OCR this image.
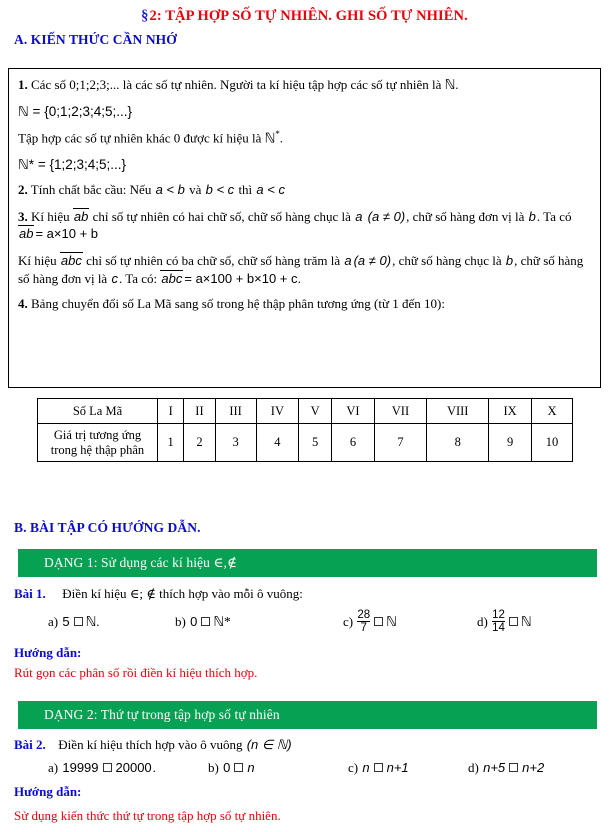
§2: TẬP HỢP SỐ TỰ NHIÊN. GHI SỐ TỰ NHIÊN.
A. KIẾN THỨC CẦN NHỚ

1. Các số 0;1;2;3;... là các số tự nhiên. Người ta kí hiệu tập hợp các số tự nhiên là ℕ.

ℕ = {0;1;2;3;4;5;...}

Tập hợp các số tự nhiên khác 0 được kí hiệu là ℕ*.

ℕ* = {1;2;3;4;5;...}

2. Tính chất bắc cầu: Nếu a < b và b < c thì a < c

3. Kí hiệu ab chỉ số tự nhiên có hai chữ số, chữ số hàng chục là a (a ≠ 0), chữ số hàng đơn vị là b. Ta có ab = a×10 + b

Kí hiệu abc chỉ số tự nhiên có ba chữ số, chữ số hàng trăm là a (a ≠ 0), chữ số hàng chục là b, chữ số hàng số hàng đơn vị là c. Ta có: abc = a×100 + b×10 + c.

4. Bảng chuyển đổi số La Mã sang số trong hệ thập phân tương ứng (từ 1 đến 10):

Số La Mã	I	II	III	IV	V	VI	VII	VIII	IX	X
Giá trị tương ứng
trong hệ thập phân	1	2	3	4	5	6	7	8	9	10
B. BÀI TẬP CÓ HƯỚNG DẪN.
DẠNG 1: Sử dụng các kí hiệu ∈,∉
Bài 1. Điền kí hiệu ∈; ∉ thích hợp vào mỗi ô vuông:
a) 5 ℕ.	b) 0 ℕ*	$c) \frac{28}{7}$ ℕ	$d) \frac{12}{14}$ ℕ
Hướng dẫn:
Rút gọn các phân số rồi điền kí hiệu thích hợp.
DẠNG 2: Thứ tự trong tập hợp số tự nhiên
Bài 2. Điền kí hiệu thích hợp vào ô vuông (n ∈ ℕ)
a) 19999 20000.	b) 0 n	c) n n+1	d) n+5 n+2
Hướng dẫn:
Sử dụng kiến thức thứ tự trong tập hợp số tự nhiên.
